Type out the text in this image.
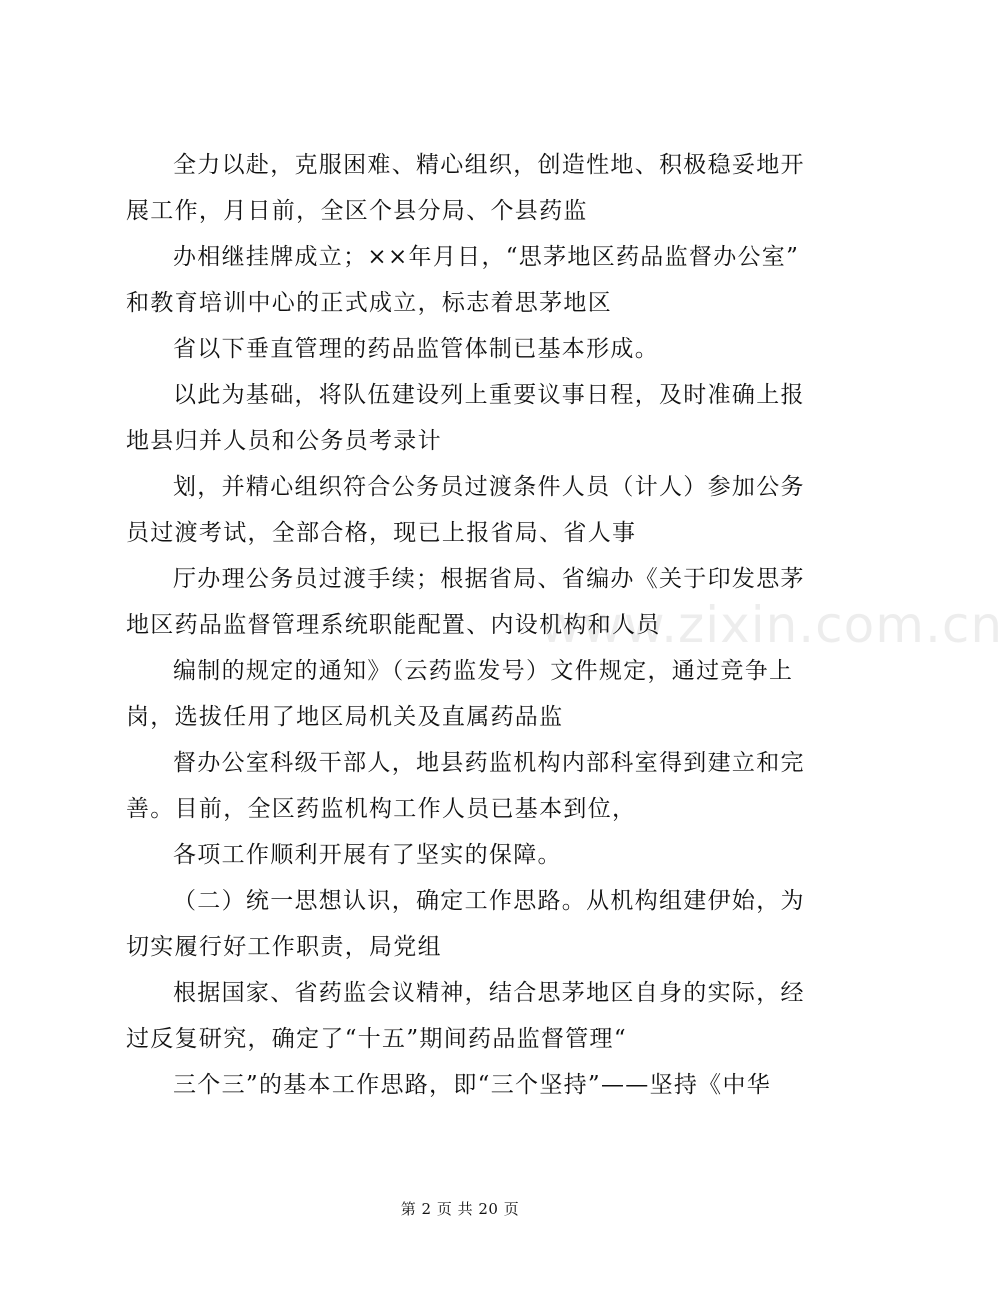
www.zixin.com.cn
全力以赴，克服困难、精心组织，创造性地、积极稳妥地开
展工作，月日前，全区个县分局、个县药监
办相继挂牌成立；××年月日，“思茅地区药品监督办公室”
和教育培训中心的正式成立，标志着思茅地区
省以下垂直管理的药品监管体制已基本形成。
以此为基础，将队伍建设列上重要议事日程，及时准确上报
地县归并人员和公务员考录计
划，并精心组织符合公务员过渡条件人员（计人）参加公务
员过渡考试，全部合格，现已上报省局、省人事
厅办理公务员过渡手续；根据省局、省编办《关于印发思茅
地区药品监督管理系统职能配置、内设机构和人员
编制的规定的通知》（云药监发号）文件规定，通过竞争上
岗，选拔任用了地区局机关及直属药品监
督办公室科级干部人，地县药监机构内部科室得到建立和完
善。目前，全区药监机构工作人员已基本到位，
各项工作顺利开展有了坚实的保障。
（二）统一思想认识，确定工作思路。从机构组建伊始，为
切实履行好工作职责，局党组
根据国家、省药监会议精神，结合思茅地区自身的实际，经
过反复研究，确定了“十五”期间药品监督管理“
三个三”的基本工作思路，即“三个坚持”——坚持《中华
第 2 页 共 20 页
